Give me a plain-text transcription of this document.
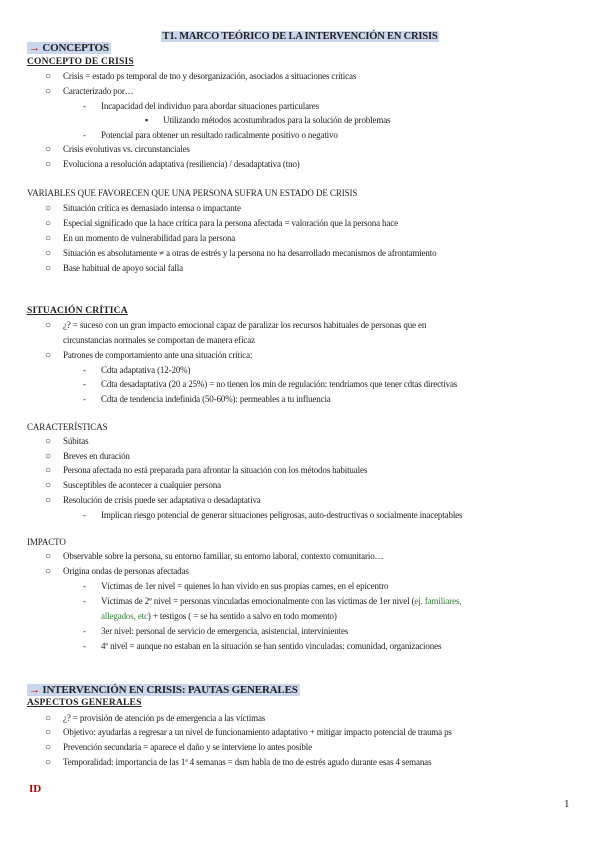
T1. MARCO TEÓRICO DE LA INTERVENCIÓN EN CRISIS
→ CONCEPTOS
CONCEPTO DE CRISIS
○ Crisis = estado ps temporal de tno y desorganización, asociados a situaciones críticas
○ Caracterizado por…
- Incapacidad del individuo para abordar situaciones particulares
▪ Utilizando métodos acostumbrados para la solución de problemas
- Potencial para obtener un resultado radicalmente positivo o negativo
○ Crisis evolutivas vs. circunstanciales
○ Evoluciona a resolución adaptativa (resiliencia) / desadaptativa (tno)
VARIABLES QUE FAVORECEN QUE UNA PERSONA SUFRA UN ESTADO DE CRISIS
○ Situación crítica es demasiado intensa o impactante
○ Especial significado que la hace crítica para la persona afectada = valoración que la persona hace
○ En un momento de vulnerabilidad para la persona
○ Situación es absolutamente ≠ a otras de estrés y la persona no ha desarrollado mecanismos de afrontamiento
○ Base habitual de apoyo social falla
SITUACIÓN CRÍTICA
○ ¿? = suceso con un gran impacto emocional capaz de paralizar los recursos habituales de personas que en
circunstancias normales se comportan de manera eficaz
○ Patrones de comportamiento ante una situación crítica:
- Cdta adaptativa (12-20%)
- Cdta desadaptativa (20 a 25%) = no tienen los mín de regulación: tendríamos que tener cdtas directivas
- Cdta de tendencia indefinida (50-60%): permeables a tu influencia
CARACTERÍSTICAS
○ Súbitas
○ Breves en duración
○ Persona afectada no está preparada para afrontar la situación con los métodos habituales
○ Susceptibles de acontecer a cualquier persona
○ Resolución de crisis puede ser adaptativa o desadaptativa
- Implican riesgo potencial de generar situaciones peligrosas, auto-destructivas o socialmente inaceptables
IMPACTO
○ Observable sobre la persona, su entorno familiar, su entorno laboral, contexto comunitario…
○ Origina ondas de personas afectadas
- Víctimas de 1er nivel = quienes lo han vivido en sus propias carnes, en el epicentro
- Víctimas de 2º nivel = personas vinculadas emocionalmente con las víctimas de 1er nivel (ej. familiares,
allegados, etc) + testigos ( = se ha sentido a salvo en todo momento)
- 3er nivel: personal de servicio de emergencia, asistencial, intervinientes
- 4º nivel = aunque no estaban en la situación se han sentido vinculadas: comunidad, organizaciones
→ INTERVENCIÓN EN CRISIS: PAUTAS GENERALES
ASPECTOS GENERALES
○ ¿? = provisión de atención ps de emergencia a las víctimas
○ Objetivo: ayudarlas a regresar a un nivel de funcionamiento adaptativo + mitigar impacto potencial de trauma ps
○ Prevención secundaria = aparece el daño y se interviene lo antes posible
○ Temporalidad: importancia de las 1ª 4 semanas = dsm habla de tno de estrés agudo durante esas 4 semanas
ID
1
